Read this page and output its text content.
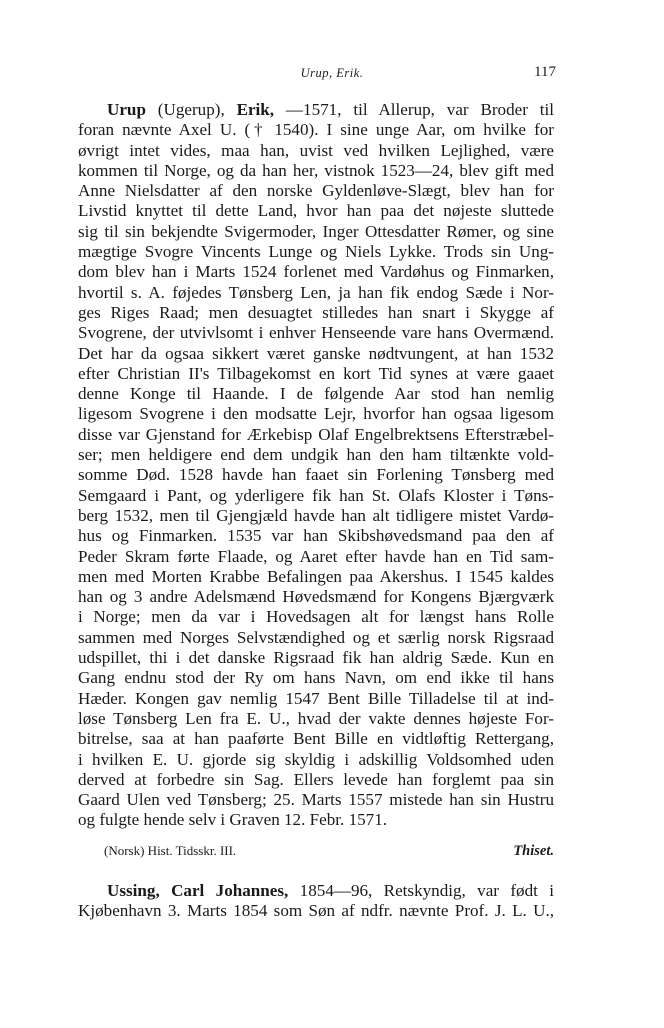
Urup, Erik.	117
Urup (Ugerup), Erik, —1571, til Allerup, var Broder til
foran nævnte Axel U. († 1540). I sine unge Aar, om hvilke for
øvrigt intet vides, maa han, uvist ved hvilken Lejlighed, være
kommen til Norge, og da han her, vistnok 1523—24, blev gift med
Anne Nielsdatter af den norske Gyldenløve-Slægt, blev han for
Livstid knyttet til dette Land, hvor han paa det nøjeste sluttede
sig til sin bekjendte Svigermoder, Inger Ottesdatter Rømer, og sine
mægtige Svogre Vincents Lunge og Niels Lykke. Trods sin Ung-
dom blev han i Marts 1524 forlenet med Vardøhus og Finmarken,
hvortil s. A. føjedes Tønsberg Len, ja han fik endog Sæde i Nor-
ges Riges Raad; men desuagtet stilledes han snart i Skygge af
Svogrene, der utvivlsomt i enhver Henseende vare hans Overmænd.
Det har da ogsaa sikkert været ganske nødtvungent, at han 1532
efter Christian II's Tilbagekomst en kort Tid synes at være gaaet
denne Konge til Haande. I de følgende Aar stod han nemlig
ligesom Svogrene i den modsatte Lejr, hvorfor han ogsaa ligesom
disse var Gjenstand for Ærkebisp Olaf Engelbrektsens Efterstræbel-
ser; men heldigere end dem undgik han den ham tiltænkte vold-
somme Død. 1528 havde han faaet sin Forlening Tønsberg med
Semgaard i Pant, og yderligere fik han St. Olafs Kloster i Tøns-
berg 1532, men til Gjengjæld havde han alt tidligere mistet Vardø-
hus og Finmarken. 1535 var han Skibshøvedsmand paa den af
Peder Skram førte Flaade, og Aaret efter havde han en Tid sam-
men med Morten Krabbe Befalingen paa Akershus. I 1545 kaldes
han og 3 andre Adelsmænd Høvedsmænd for Kongens Bjærgværk
i Norge; men da var i Hovedsagen alt for længst hans Rolle
sammen med Norges Selvstændighed og et særlig norsk Rigsraad
udspillet, thi i det danske Rigsraad fik han aldrig Sæde. Kun en
Gang endnu stod der Ry om hans Navn, om end ikke til hans
Hæder. Kongen gav nemlig 1547 Bent Bille Tilladelse til at ind-
løse Tønsberg Len fra E. U., hvad der vakte dennes højeste For-
bitrelse, saa at han paaførte Bent Bille en vidtløftig Rettergang,
i hvilken E. U. gjorde sig skyldig i adskillig Voldsomhed uden
derved at forbedre sin Sag. Ellers levede han forglemt paa sin
Gaard Ulen ved Tønsberg; 25. Marts 1557 mistede han sin Hustru
og fulgte hende selv i Graven 12. Febr. 1571.
(Norsk) Hist. Tidsskr. III.	Thiset.
Ussing, Carl Johannes, 1854—96, Retskyndig, var født i
Kjøbenhavn 3. Marts 1854 som Søn af ndfr. nævnte Prof. J. L. U.,
